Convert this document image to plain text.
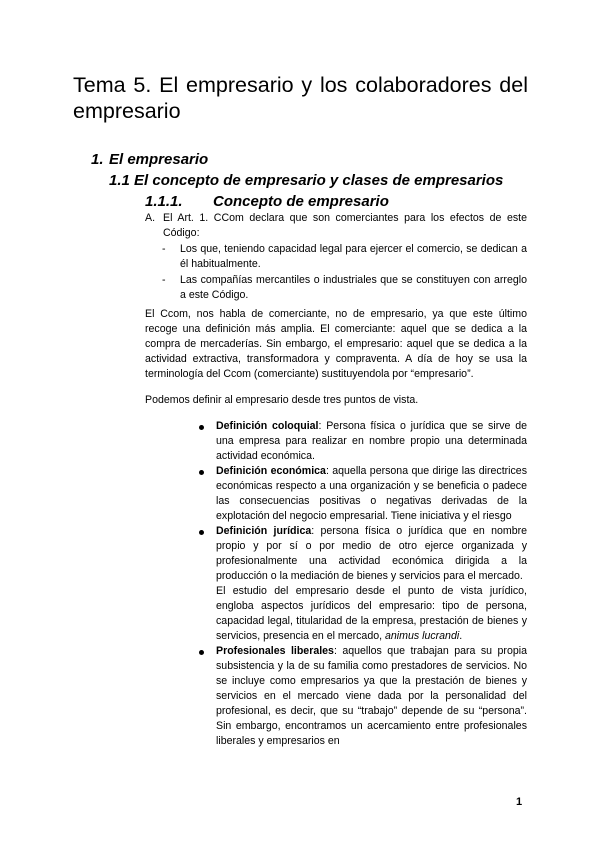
Tema 5. El empresario y los colaboradores del empresario
1. El empresario
1.1 El concepto de empresario y clases de empresarios
1.1.1. Concepto de empresario
A. El Art. 1. CCom declara que son comerciantes para los efectos de este Código:
- Los que, teniendo capacidad legal para ejercer el comercio, se dedican a él habitualmente.
- Las compañías mercantiles o industriales que se constituyen con arreglo a este Código.

El Ccom, nos habla de comerciante, no de empresario, ya que este último recoge una definición más amplia. El comerciante: aquel que se dedica a la compra de mercaderías. Sin embargo, el empresario: aquel que se dedica a la actividad extractiva, transformadora y compraventa. A día de hoy se usa la terminología del Ccom (comerciante) sustituyendola por “empresario”.

Podemos definir al empresario desde tres puntos de vista.

Definición coloquial: Persona física o jurídica que se sirve de una empresa para realizar en nombre propio una determinada actividad económica.
Definición económica: aquella persona que dirige las directrices económicas respecto a una organización y se beneficia o padece las consecuencias positivas o negativas derivadas de la explotación del negocio empresarial. Tiene iniciativa y el riesgo
Definición jurídica: persona física o jurídica que en nombre propio y por sí o por medio de otro ejerce organizada y profesionalmente una actividad económica dirigida a la producción o la mediación de bienes y servicios para el mercado.
El estudio del empresario desde el punto de vista jurídico, engloba aspectos jurídicos del empresario: tipo de persona, capacidad legal, titularidad de la empresa, prestación de bienes y servicios, presencia en el mercado, animus lucrandi.
Profesionales liberales: aquellos que trabajan para su propia subsistencia y la de su familia como prestadores de servicios. No se incluye como empresarios ya que la prestación de bienes y servicios en el mercado viene dada por la personalidad del profesional, es decir, que su “trabajo” depende de su “persona”. Sin embargo, encontramos un acercamiento entre profesionales liberales y empresarios en
1
